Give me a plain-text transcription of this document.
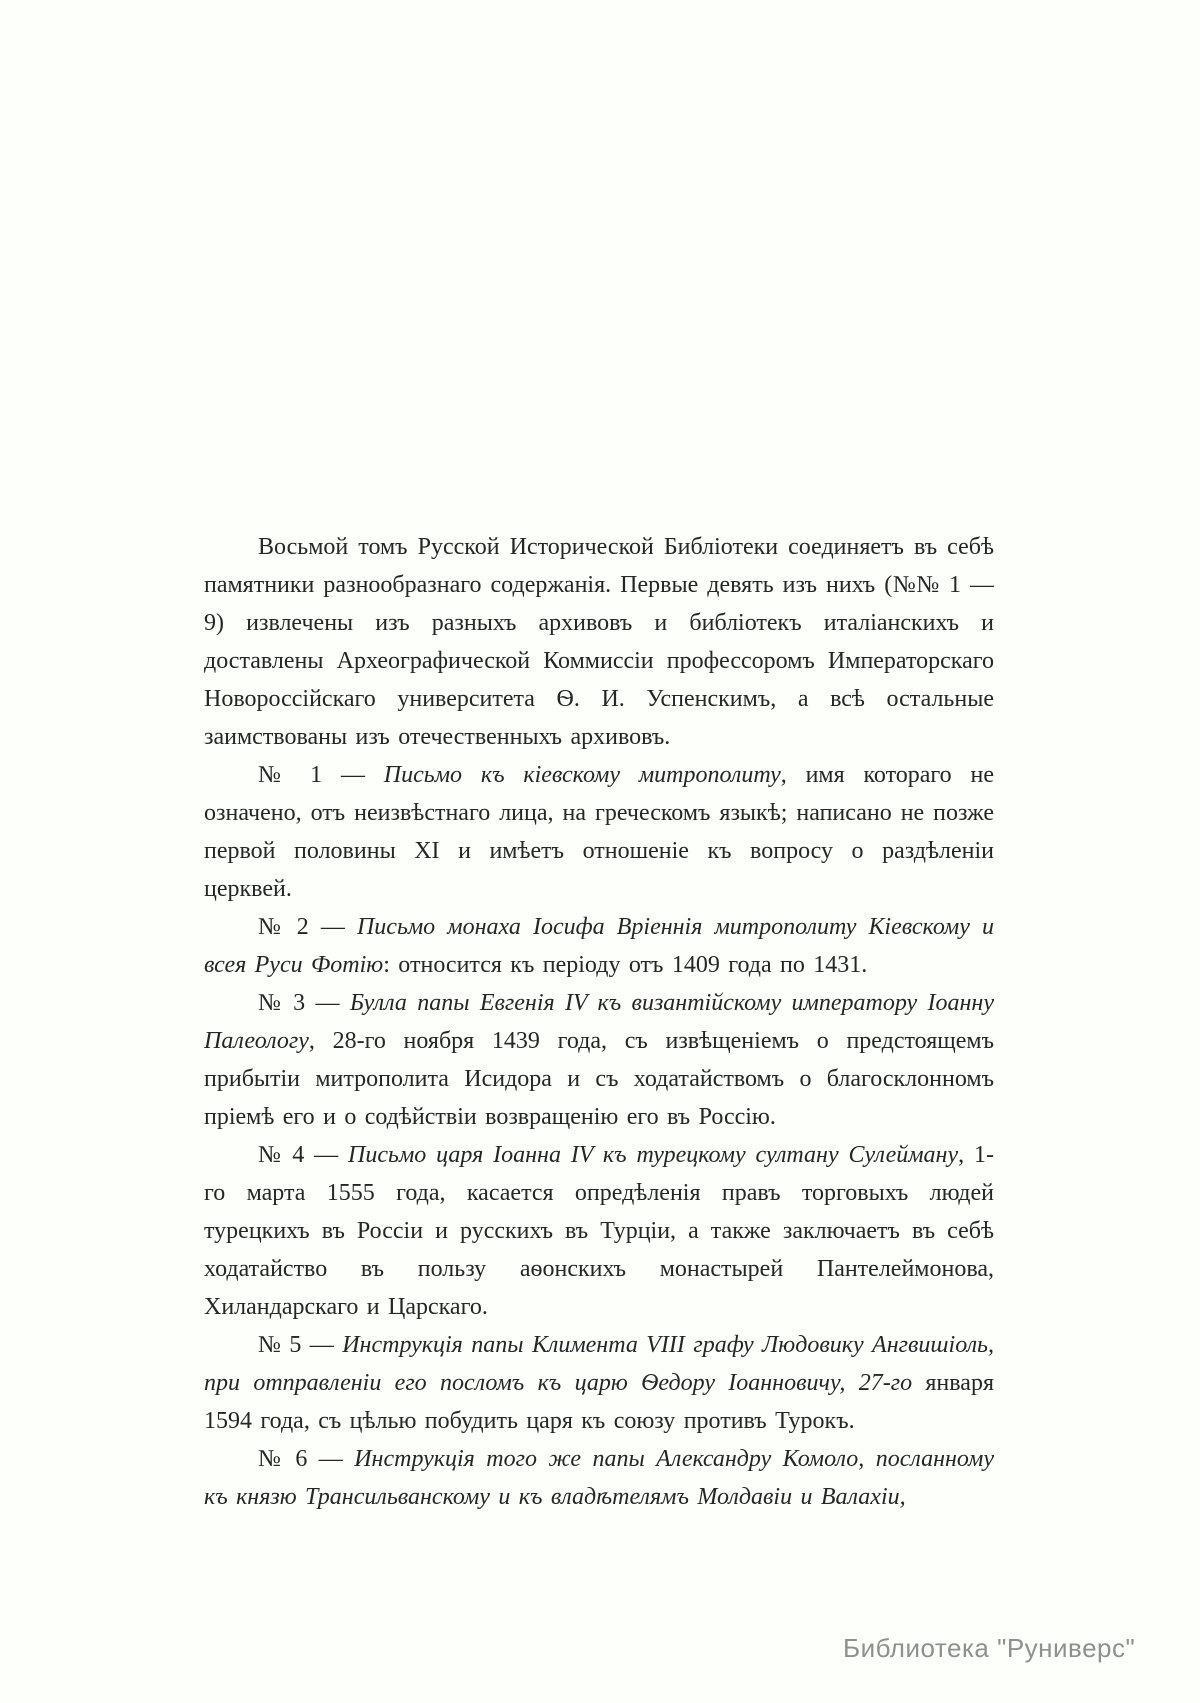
Восьмой томъ Русской Исторической Библіотеки соединяетъ въ себѣ памятники разнообразнаго содержанія. Первые девять изъ нихъ (№№ 1 — 9) извлечены изъ разныхъ архивовъ и библіотекъ италіанскихъ и доставлены Археографической Коммиссіи профессоромъ Императорскаго Новороссійскаго университета Ѳ. И. Успенскимъ, а всѣ остальные заимствованы изъ отечественныхъ архивовъ.

№ 1 — Письмо къ кіевскому митрополиту, имя котораго не означено, отъ неизвѣстнаго лица, на греческомъ языкѣ; написано не позже первой половины XI и имѣетъ отношеніе къ вопросу о раздѣленіи церквей.

№ 2 — Письмо монаха Іосифа Вріеннія митрополиту Кіевскому и всея Руси Фотію: относится къ періоду отъ 1409 года по 1431.

№ 3 — Булла папы Евгенія IV къ византійскому императору Іоанну Палеологу, 28-го ноября 1439 года, съ извѣщеніемъ о предстоящемъ прибытіи митрополита Исидора и съ ходатайствомъ о благосклонномъ пріемѣ его и о содѣйствіи возвращенію его въ Россію.

№ 4 — Письмо царя Іоанна IV къ турецкому султану Сулейману, 1-го марта 1555 года, касается опредѣленія правъ торговыхъ людей турецкихъ въ Россіи и русскихъ въ Турціи, а также заключаетъ въ себѣ ходатайство въ пользу аѳонскихъ монастырей Пантелеймонова, Хиландарскаго и Царскаго.

№ 5 — Инструкція папы Климента VIII графу Людовику Ангвишіоль, при отправленіи его посломъ къ царю Ѳедору Іоанновичу, 27-го января 1594 года, съ цѣлью побудить царя къ союзу противъ Турокъ.

№ 6 — Инструкція того же папы Александру Комоло, посланному къ князю Трансильванскому и къ владѣтелямъ Молдавіи и Валахіи,

Библиотека "Руниверс"
